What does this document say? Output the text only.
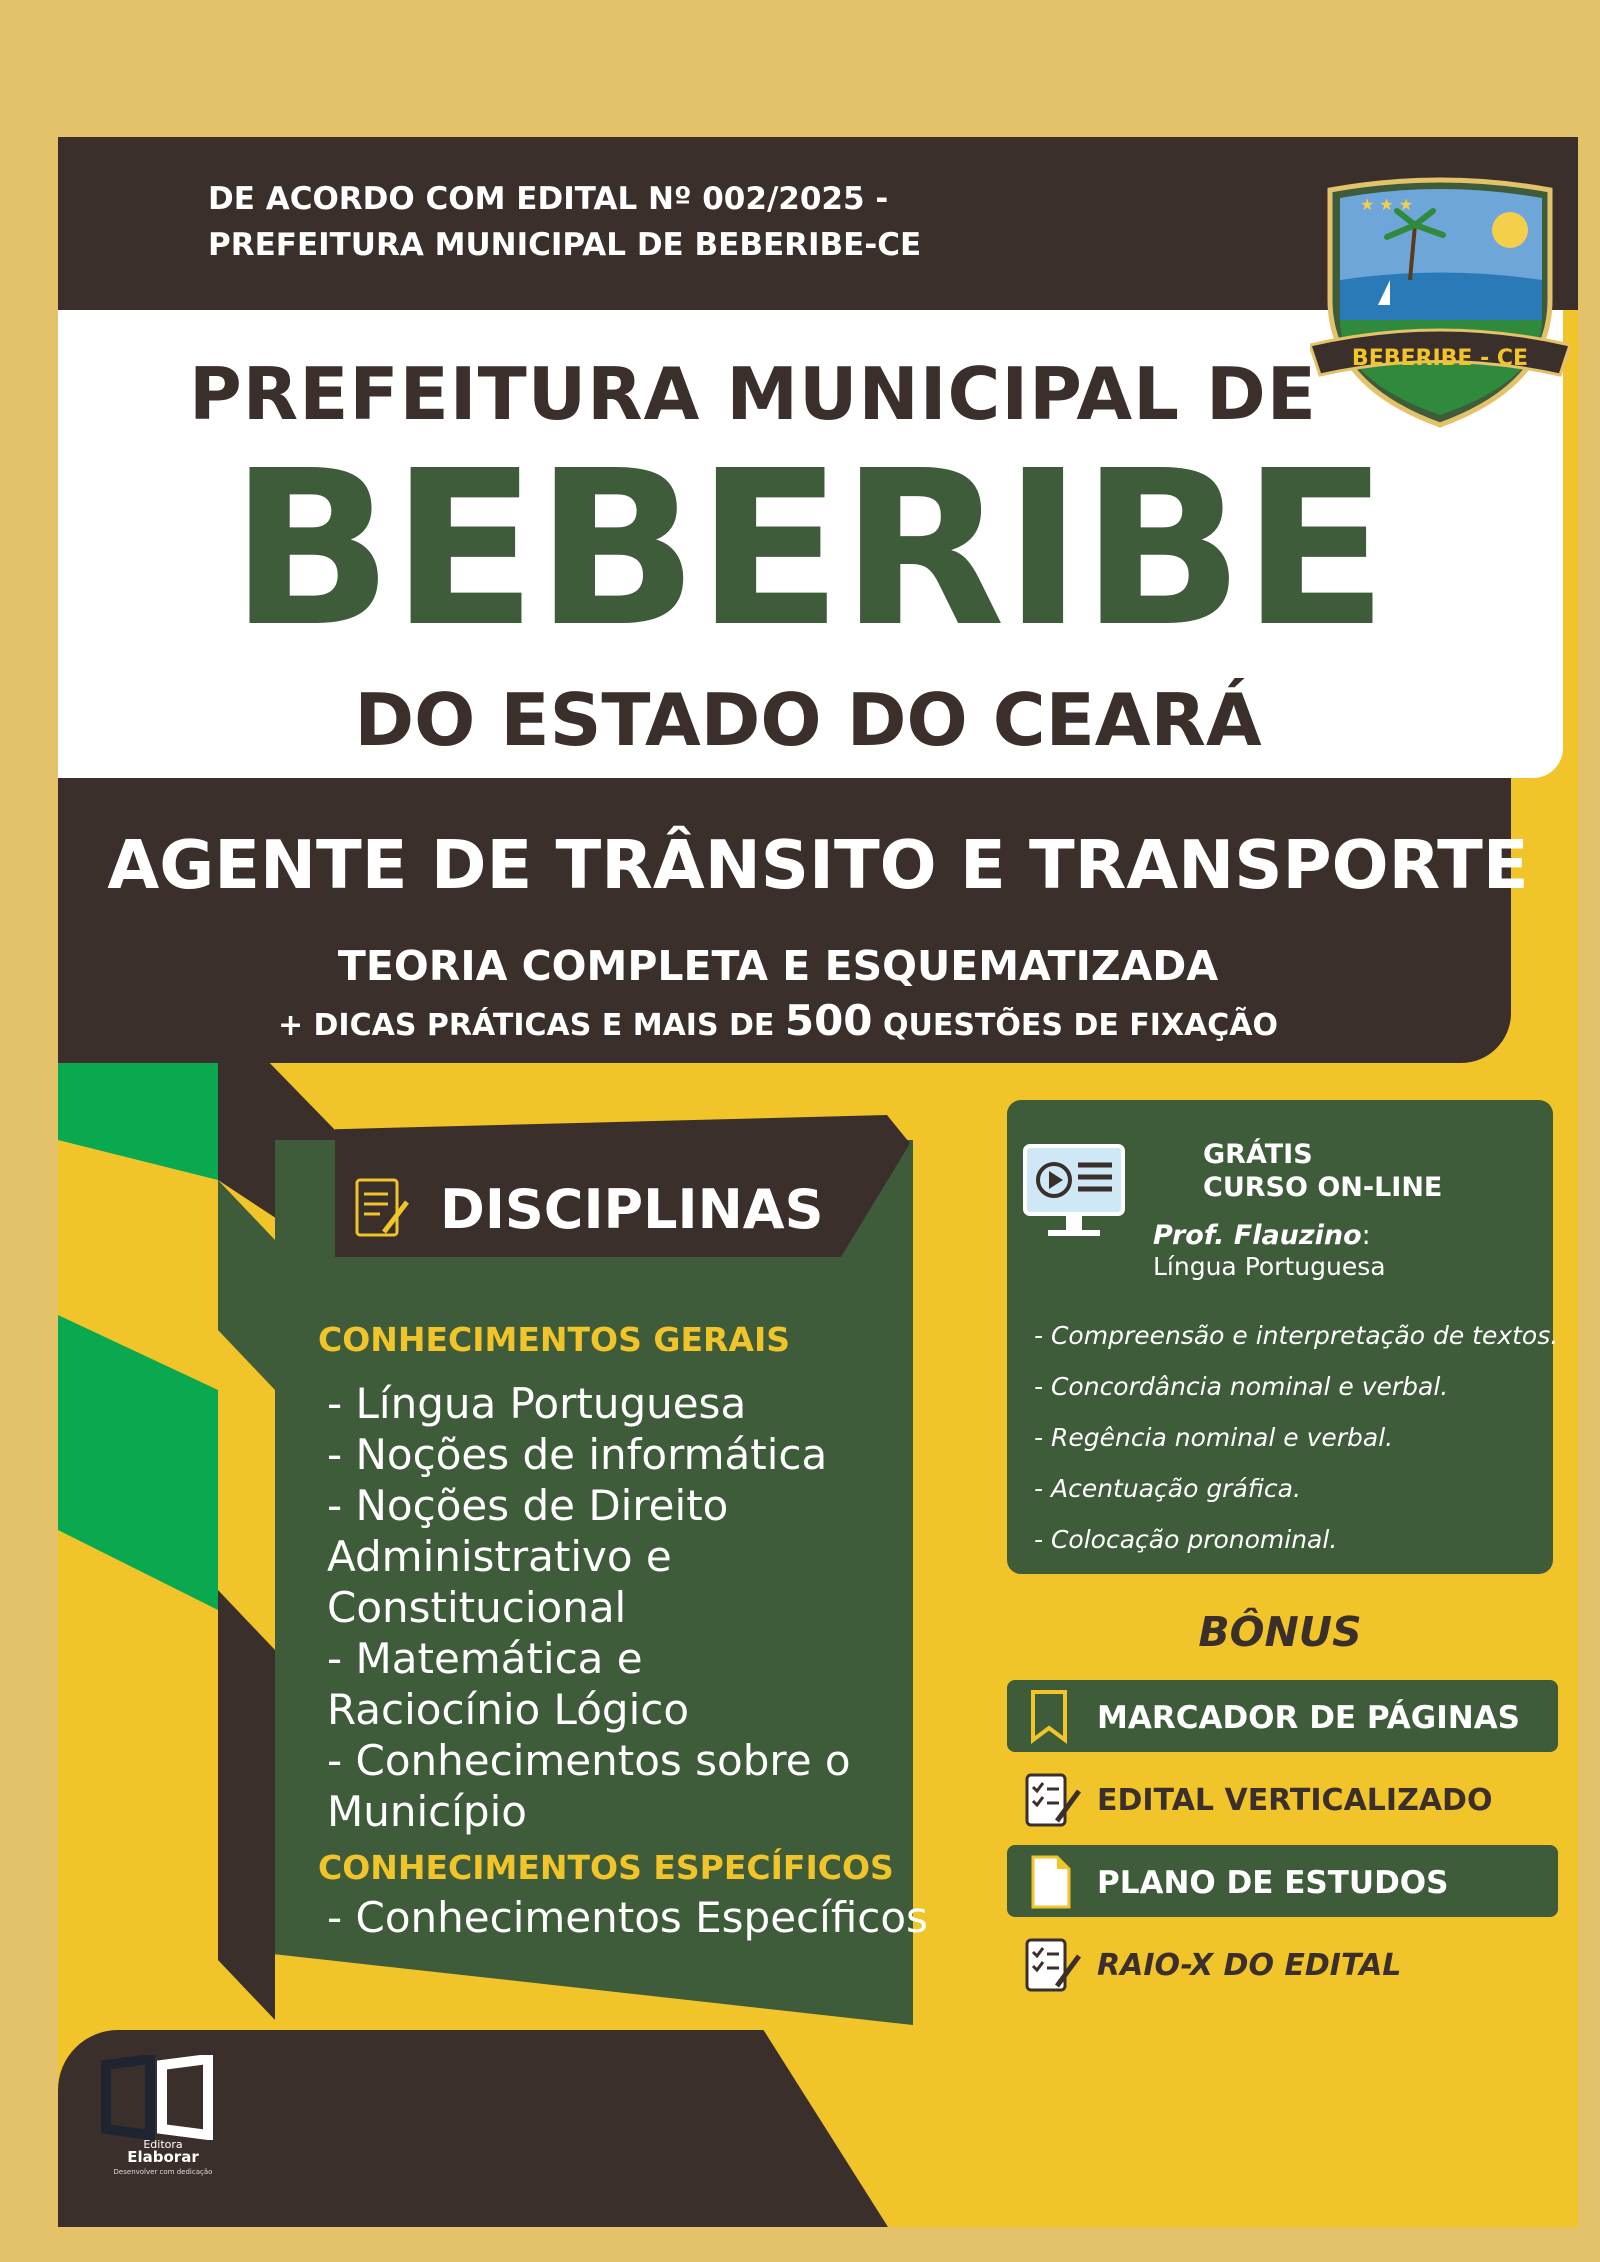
DE ACORDO COM EDITAL Nº 002/2025 -
PREFEITURA MUNICIPAL DE BEBERIBE-CE
★ ★ ★
BEBERIBE - CE
PREFEITURA MUNICIPAL DE
BEBERIBE
DO ESTADO DO CEARÁ
AGENTE DE TRÂNSITO E TRANSPORTE
TEORIA COMPLETA E ESQUEMATIZADA
+ DICAS PRÁTICAS E MAIS DE 500 QUESTÕES DE FIXAÇÃO
DISCIPLINAS
CONHECIMENTOS GERAIS
- Língua Portuguesa
- Noções de informática
- Noções de Direito
Administrativo e
Constitucional
- Matemática e
Raciocínio Lógico
- Conhecimentos sobre o
Município
CONHECIMENTOS ESPECÍFICOS
- Conhecimentos Específicos
GRÁTIS
CURSO ON-LINE
Prof. Flauzino:
Língua Portuguesa
- Compreensão e interpretação de textos.
- Concordância nominal e verbal.
- Regência nominal e verbal.
- Acentuação gráfica.
- Colocação pronominal.
BÔNUS
MARCADOR DE PÁGINAS
EDITAL VERTICALIZADO
PLANO DE ESTUDOS
RAIO-X DO EDITAL
Editora
Elaborar
Desenvolver com dedicação
